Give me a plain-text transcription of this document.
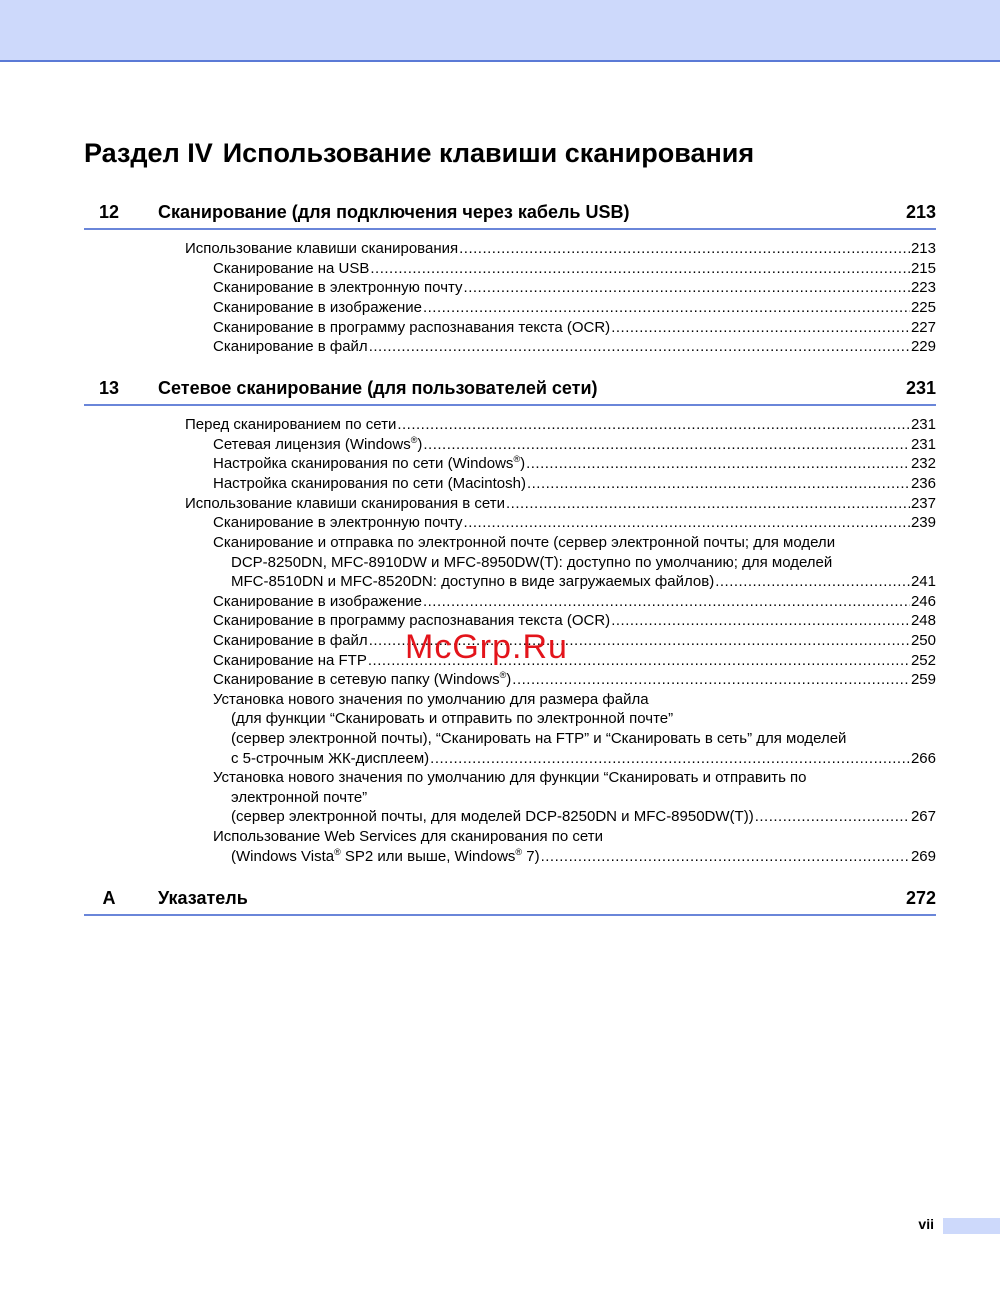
Раздел IV Использование клавиши сканирования
12	Сканирование (для подключения через кабель USB)	213
Использование клавиши сканирования .....	213
Сканирование на USB .....	215
Сканирование в электронную почту .....	223
Сканирование в изображение .....	225
Сканирование в программу распознавания текста (OCR) .....	227
Сканирование в файл .....	229
13	Сетевое сканирование (для пользователей сети)	231
Перед сканированием по сети .....	231
Сетевая лицензия (Windows®) .....	231
Настройка сканирования по сети (Windows®) .....	232
Настройка сканирования по сети (Macintosh) .....	236
Использование клавиши сканирования в сети .....	237
Сканирование в электронную почту .....	239
Сканирование и отправка по электронной почте (сервер электронной почты; для модели
DCP-8250DN, MFC-8910DW и MFC-8950DW(T): доступно по умолчанию; для моделей
MFC-8510DN и MFC-8520DN: доступно в виде загружаемых файлов) .....	241
Сканирование в изображение .....	246
Сканирование в программу распознавания текста (OCR) .....	248
Сканирование в файл .....	250
Сканирование на FTP .....	252
Сканирование в сетевую папку (Windows®) .....	259
Установка нового значения по умолчанию для размера файла
(для функции “Сканировать и отправить по электронной почте”
(сервер электронной почты), “Сканировать на FTP” и “Сканировать в сеть” для моделей
с 5-строчным ЖК-дисплеем) .....	266
Установка нового значения по умолчанию для функции “Сканировать и отправить по
электронной почте”
(сервер электронной почты, для моделей DCP-8250DN и MFC-8950DW(T)) .....	267
Использование Web Services для сканирования по сети
(Windows Vista® SP2 или выше, Windows® 7) .....	269
A	Указатель	272
McGrp.Ru
vii
